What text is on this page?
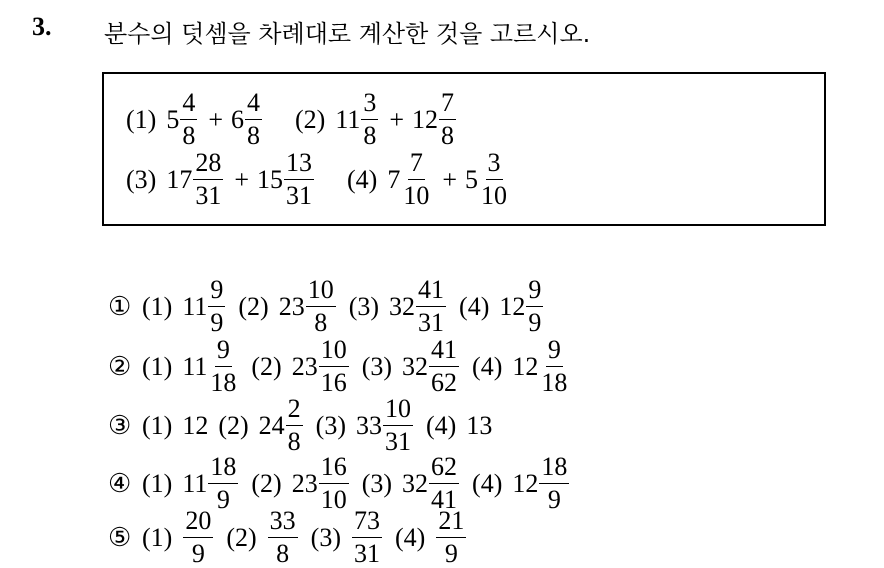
3. 분수의 덧셈을 차례대로 계산한 것을 고르시오.
(1) $5 \frac{4}{8} + 6 \frac{4}{8} (2)$ $11 \frac{3}{8} + 12 \frac{7}{8}$
(3) $17 \frac{28}{31} + 15 \frac{13}{31} (4)$ $7 \frac{7}{10} + 5 \frac{3}{10}$
① (1) $11 \frac{9}{9} (2)$ $23 \frac{10}{8} (3)$ $32 \frac{41}{31} (4)$ $12 \frac{9}{9}$
② (1) $11 \frac{9}{18} (2)$ $23 \frac{10}{16} (3)$ $32 \frac{41}{62} (4)$ $12 \frac{9}{18}$
③ (1) 12 (2) $24 \frac{2}{8} (3)$ $33 \frac{10}{31} (4)$ 13
④ (1) $11 \frac{18}{9} (2)$ $23 \frac{16}{10} (3)$ $32 \frac{62}{41} (4)$ $12 \frac{18}{9}$
⑤ $(1) \frac{20}{9} (2) \frac{33}{8} (3) \frac{73}{31} (4) \frac{21}{9}$
